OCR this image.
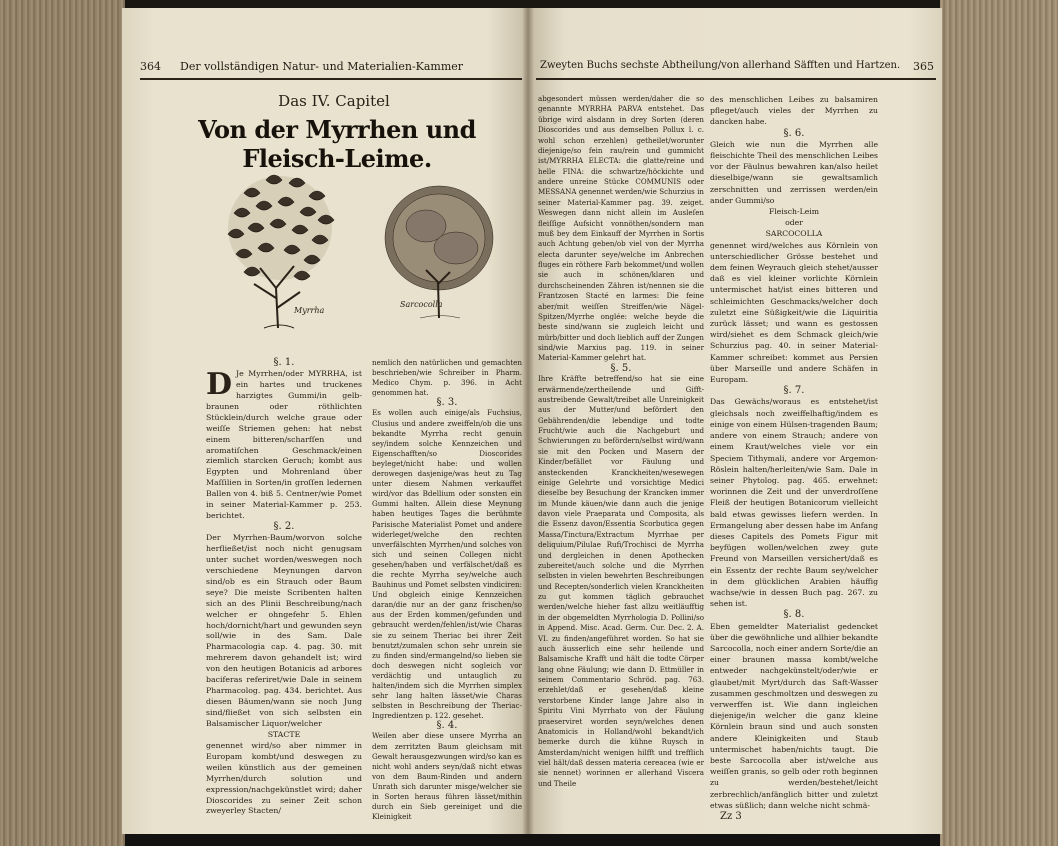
364 Der vollständigen Natur- und Materialien-Kammer
Das IV. Capitel
Von der Myrrhen und Fleisch-Leime.
Myrrha
Sarcocolla

§. 1.

D Je Myrrhen/oder MYRRHA, ist ein hartes und truckenes harzigtes Gummi/in gelb-braunen oder röthlichten Stücklein/durch welche graue oder weiſſe Striemen gehen: hat nebst einem bitteren/scharfſen und aromatiſchen Geschmack/einen ziemlich starcken Geruch; kombt aus Egypten und Mohrenland über Maſſilien in Sorten/in groſſen ledernen Ballen von 4. biß 5. Centner/wie Pomet in seiner Material-Kammer p. 253. berichtet.

§. 2.

Der Myrrhen-Baum/worvon solche herfließet/ist noch nicht genugsam unter suchet worden/weswegen noch verschiedene Meynungen darvon sind/ob es ein Strauch oder Baum seye? Die meiste Scribenten halten sich an des Plinii Beschreibung/nach welcher er ohngefehr 5. Ehlen hoch/dornicht/hart und gewunden seyn soll/wie in des Sam. Dale Pharmacologia cap. 4. pag. 30. mit mehrerem davon gehandelt ist; wird von den heutigen Botanicis ad arbores baciferas referiret/wie Dale in seinem Pharmacolog. pag. 434. berichtet. Aus diesen Bäumen/wann sie noch Jung sind/fließet von sich selbsten ein Balsamischer Liquor/welcher

STACTE

genennet wird/so aber nimmer in Europam kombt/und deswegen zu weilen künstlich aus der gemeinen Myrrhen/durch solution und expression/nachgekünstlet wird; daher Dioscorides zu seiner Zeit schon zweyerley Stacten/

nemlich den natürlichen und gemachten beschrieben/wie Schreiber in Pharm. Medico Chym. p. 396. in Acht genommen hat.

§. 3.

Es wollen auch einige/als Fuchsius, Clusius und andere zweiffeln/ob die uns bekandte Myrrha recht genuin sey/indem solche Kennzeichen und Eigenschafften/so Dioscorides beyleget/nicht habe: und wollen derowegen dasjenige/was heut zu Tag unter diesem Nahmen verkauffet wird/vor das Bdellium oder sonsten ein Gummi halten. Allein diese Meynung haben heutiges Tages die berühmte Parisische Materialist Pomet und andere widerleget/welche den rechten unverfälschten Myrrhen/und solches von sich und seinen Collegen nicht gesehen/haben und verfälschet/daß es die rechte Myrrha sey/welche auch Bauhinus und Pomet selbsten vindiciren: Und obgleich einige Kennzeichen daran/die nur an der ganz frischen/so aus der Erden kommen/gefunden und gebraucht werden/fehlen/ist/wie Charas sie zu seinem Theriac bei ihrer Zeit benutzt/zumalen schon sehr unrein sie zu finden sind/ermangelnd/so lieben sie doch deswegen nicht sogleich vor verdächtig und untauglich zu halten/indem sich die Myrrhen simplex sehr lang halten lässet/wie Charas selbsten in Beschreibung der Theriac-Ingredientzen p. 122. gesehet.

§. 4.

Weilen aber diese unsere Myrrha an dem zerritzten Baum gleichsam mit Gewalt herausgezwungen wird/so kan es nicht wohl anders seyn/daß nicht etwas von dem Baum-Rinden und andern Unrath sich darunter misge/welcher sie in Sorten heraus führen lässet/mithin durch ein Sieb gereiniget und die Kleinigkeit

Zweyten Buchs sechste Abtheilung/von allerhand Säfften und Hartzen. 365

abgesondert müssen werden/daher die so genannte MYRRHA PARVA entstehet. Das übrige wird alsdann in drey Sorten (deren Dioscorides und aus demselben Pollux l. c. wohl schon erzehlen) getheilet/worunter diejenige/so fein rau/rein und gummicht ist/MYRRHA ELECTA: die glatte/reine und helle FINA: die schwartze/höckichte und andere unreine Stücke COMMUNIS oder MESSANA genennet werden/wie Schurzius in seiner Material-Kammer pag. 39. zeiget. Weswegen dann nicht allein im Ausleſen fleiſſige Aufsicht vonnöthen/sondern man muß bey dem Einkauff der Myrrhen in Sortis auch Achtung geben/ob viel von der Myrrha electa darunter seye/welche im Anbrechen fluges ein röthere Farb bekommet/und wollen sie auch in schönen/klaren und durchscheinenden Zähren ist/nennen sie die Frantzosen Stacté en larmes: Die feine aber/mit weiſſen Streiffen/wie Nägel-Spitzen/Myrrhe onglée: welche beyde die beste sind/wann sie zugleich leicht und mürb/bitter und doch lieblich auff der Zungen sind/wie Marxius pag. 119. in seiner Material-Kammer gelehrt hat.

§. 5.

Ihre Kräffte betreffend/so hat sie eine erwärmende/zertheilende und Gifft-austreibende Gewalt/treibet alle Unreinigkeit aus der Mutter/und befördert den Gebährenden/die lebendige und todte Frucht/wie auch die Nachgeburt und Schwierungen zu befördern/selbst wird/wann sie mit den Pocken und Masern der Kinder/befället vor Fäulung und ansteckenden Kranckheiten/wesewegen einige Gelehrte und vorsichtige Medici dieselbe bey Besuchung der Krancken immer im Munde käuen/wie dann auch die jenige davon viele Praeparata und Composita, als die Essenz davon/Essentia Scorbutica gegen Massa/Tinctura/Extractum Myrrhae per deliquium/Pilulae Rufi/Trochisci de Myrrha und dergleichen in denen Apothecken zubereitet/auch solche und die Myrrhen selbsten in vielen bewehrten Beschreibungen und Recepten/sonderlich vielen Kranckheiten zu gut kommen täglich gebrauchet werden/welche hieher fast allzu weitläufftig in der obgemeldten Myrrhologia D. Pollini/so in Append. Misc. Acad. Germ. Cur. Dec. 2. A. VI. zu finden/angeführet worden. So hat sie auch äusserlich eine sehr heilende und Balsamische Krafft und hält die todte Cörper lang ohne Fäulung; wie dann D. Ettmüller in seinem Commentario Schröd. pag. 763. erzehlet/daß er gesehen/daß kleine verstorbene Kinder lange Jahre also in Spiritu Vini Myrrhato von der Fäulung praeserviret worden seyn/welches denen Anatomicis in Holland/wohl bekandt/ich bemerke durch die kühne Ruysch in Amsterdam/nicht wenigen hilfft und trefflich viel hält/daß dessen materia cereacea (wie er sie nennet) worinnen er allerhand Viscera und Theile

des menschlichen Leibes zu balsamiren pfleget/auch vieles der Myrrhen zu dancken habe.

§. 6.

Gleich wie nun die Myrrhen alle fleischichte Theil des menschlichen Leibes vor der Fäulnus bewahren kan/also heilet dieselbige/wann sie gewaltsamlich zerschnitten und zerrissen werden/ein ander Gummi/so

Fleisch-Leim

oder

SARCOCOLLA

genennet wird/welches aus Körnlein von unterschiedlicher Grösse bestehet und dem feinen Weyrauch gleich stehet/ausser daß es viel kleiner vorlichte Körnlein untermischet hat/ist eines bitteren und schleimichten Geschmacks/welcher doch zuletzt eine Süßigkeit/wie die Liquiritia zurück lässet; und wann es gestossen wird/siehet es dem Schmack gleich/wie Schurzius pag. 40. in seiner Material-Kammer schreibet: kommet aus Persien über Marseille und andere Schäfen in Europam.

§. 7.

Das Gewächs/woraus es entstehet/ist gleichsals noch zweiffelhaftig/indem es einige von einem Hülsen-tragenden Baum; andere von einem Strauch; andere von einem Kraut/welches viele vor ein Speciem Tithymali, andere vor Argemon-Röslein halten/herleiten/wie Sam. Dale in seiner Phytolog. pag. 465. erwehnet: worinnen die Zeit und der unverdroſſene Fleiß der heutigen Botanicorum vielleicht bald etwas gewisses liefern werden. In Ermangelung aber dessen habe im Anfang dieses Capitels des Pomets Figur mit beyfügen wollen/welchen zwey gute Freund von Marseillen versichert/daß es ein Essentz der rechte Baum sey/welcher in dem glücklichen Arabien häuffig wachse/wie in dessen Buch pag. 267. zu sehen ist.

§. 8.

Eben gemeldter Materialist gedencket über die gewöhnliche und allhier bekandte Sarcocolla, noch einer andern Sorte/die an einer braunen massa kombt/welche entweder nachgekünstelt/oder/wie er glaubet/mit Myrt/durch das Saft-Wasser zusammen geschmoltzen und deswegen zu verwerffen ist. Wie dann ingleichen diejenige/in welcher die ganz kleine Körnlein braun sind und auch sonsten andere Kleinigkeiten und Staub untermischet haben/nichts taugt. Die beste Sarcocolla aber ist/welche aus weiſſen granis, so gelb oder roth beginnen zu werden/bestehet/leicht zerbrechlich/anfänglich bitter und zuletzt etwas süßlich; dann welche nicht schmä-

Zz 3
